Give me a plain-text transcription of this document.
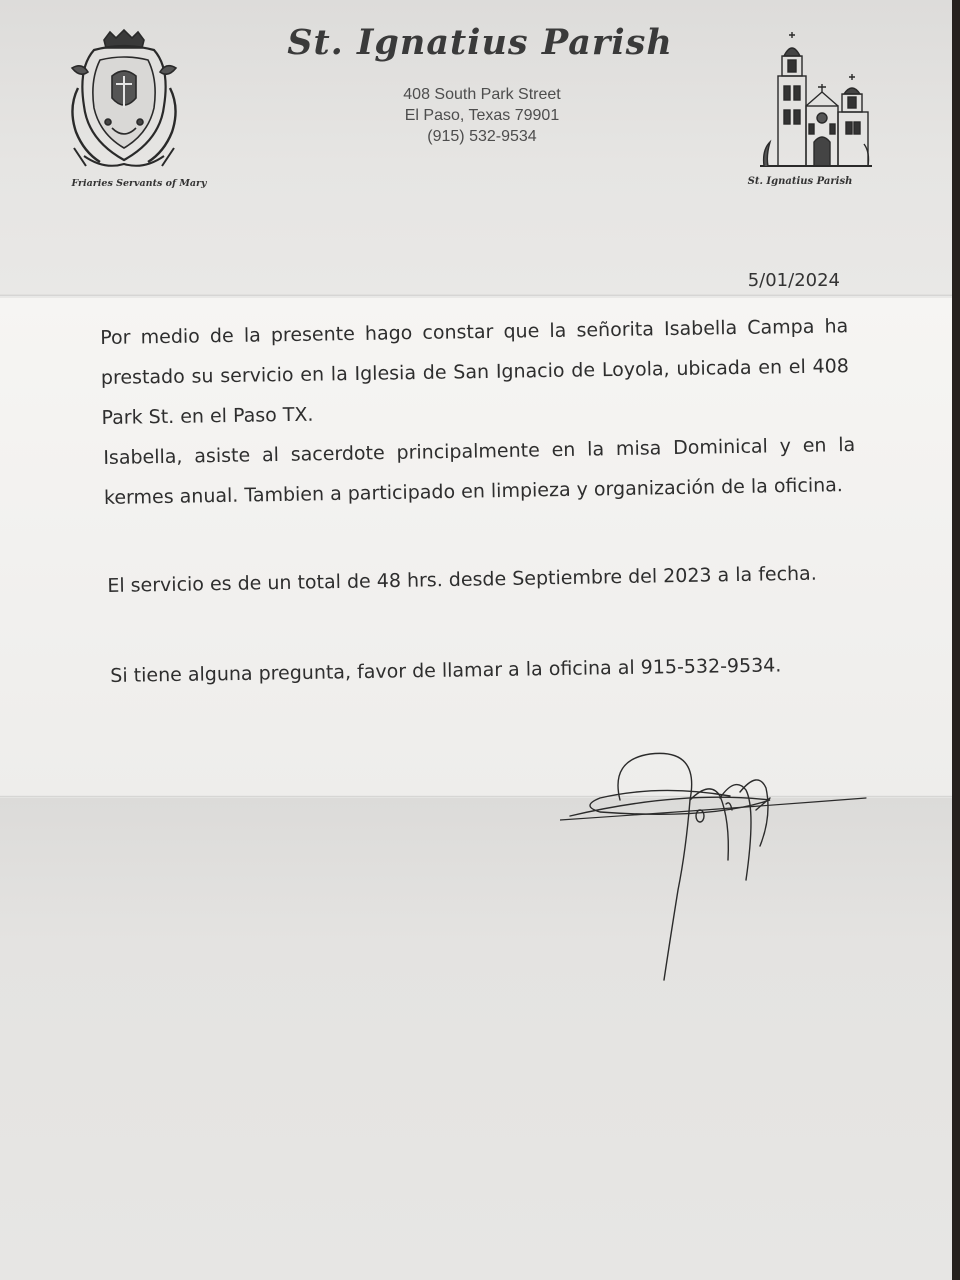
Friaries Servants of Mary
St. Ignatius Parish
408 South Park Street
El Paso, Texas 79901
(915) 532-9534
St. Ignatius Parish
5/01/2024
Por medio de la presente hago constar que la señorita Isabella Campa ha prestado su servicio en la Iglesia de San Ignacio de Loyola, ubicada en el 408 Park St. en el Paso TX.
Isabella, asiste al sacerdote principalmente en la misa Dominical y en la kermes anual. Tambien a participado en limpieza y organización de la oficina.
El servicio es de un total de 48 hrs. desde Septiembre del 2023 a la fecha.
Si tiene alguna pregunta, favor de llamar a la oficina al 915-532-9534.
